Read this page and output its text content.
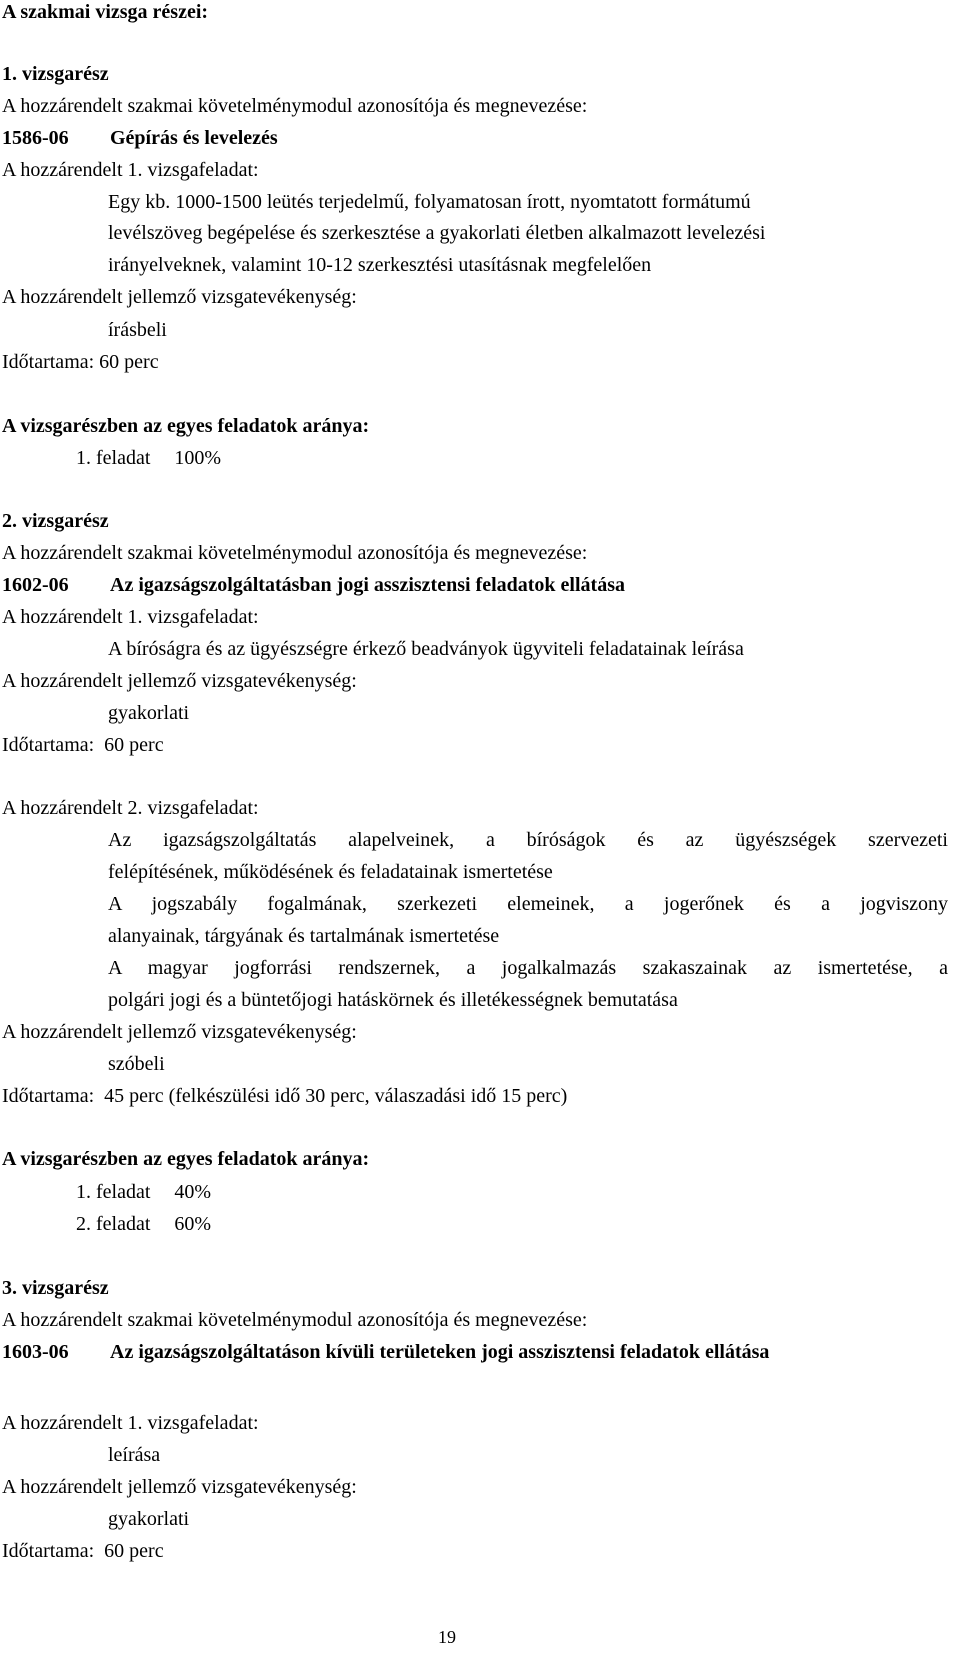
A szakmai vizsga részei:
1. vizsgarész
A hozzárendelt szakmai követelménymodul azonosítója és megnevezése:
1586-06 Gépírás és levelezés
A hozzárendelt 1. vizsgafeladat:
Egy kb. 1000-1500 leütés terjedelmű, folyamatosan írott, nyomtatott formátumú
levélszöveg begépelése és szerkesztése a gyakorlati életben alkalmazott levelezési
irányelveknek, valamint 10-12 szerkesztési utasításnak megfelelően
A hozzárendelt jellemző vizsgatevékenység:
írásbeli
Időtartama: 60 perc
A vizsgarészben az egyes feladatok aránya:
1. feladat 100%
2. vizsgarész
A hozzárendelt szakmai követelménymodul azonosítója és megnevezése:
1602-06 Az igazságszolgáltatásban jogi asszisztensi feladatok ellátása
A hozzárendelt 1. vizsgafeladat:
A bíróságra és az ügyészségre érkező beadványok ügyviteli feladatainak leírása
A hozzárendelt jellemző vizsgatevékenység:
gyakorlati
Időtartama:  60 perc
A hozzárendelt 2. vizsgafeladat:
Az igazságszolgáltatás alapelveinek, a bíróságok és az ügyészségek szervezeti
felépítésének, működésének és feladatainak ismertetése
A jogszabály fogalmának, szerkezeti elemeinek, a jogerőnek és a jogviszony
alanyainak, tárgyának és tartalmának ismertetése
A magyar jogforrási rendszernek, a jogalkalmazás szakaszainak az ismertetése, a
polgári jogi és a büntetőjogi hatáskörnek és illetékességnek bemutatása
A hozzárendelt jellemző vizsgatevékenység:
szóbeli
Időtartama:  45 perc (felkészülési idő 30 perc, válaszadási idő 15 perc)
A vizsgarészben az egyes feladatok aránya:
1. feladat 40%
2. feladat 60%
3. vizsgarész
A hozzárendelt szakmai követelménymodul azonosítója és megnevezése:
1603-06 Az igazságszolgáltatáson kívüli területeken jogi asszisztensi feladatok ellátása
A hozzárendelt 1. vizsgafeladat:
leírása
A hozzárendelt jellemző vizsgatevékenység:
gyakorlati
Időtartama:  60 perc
19
